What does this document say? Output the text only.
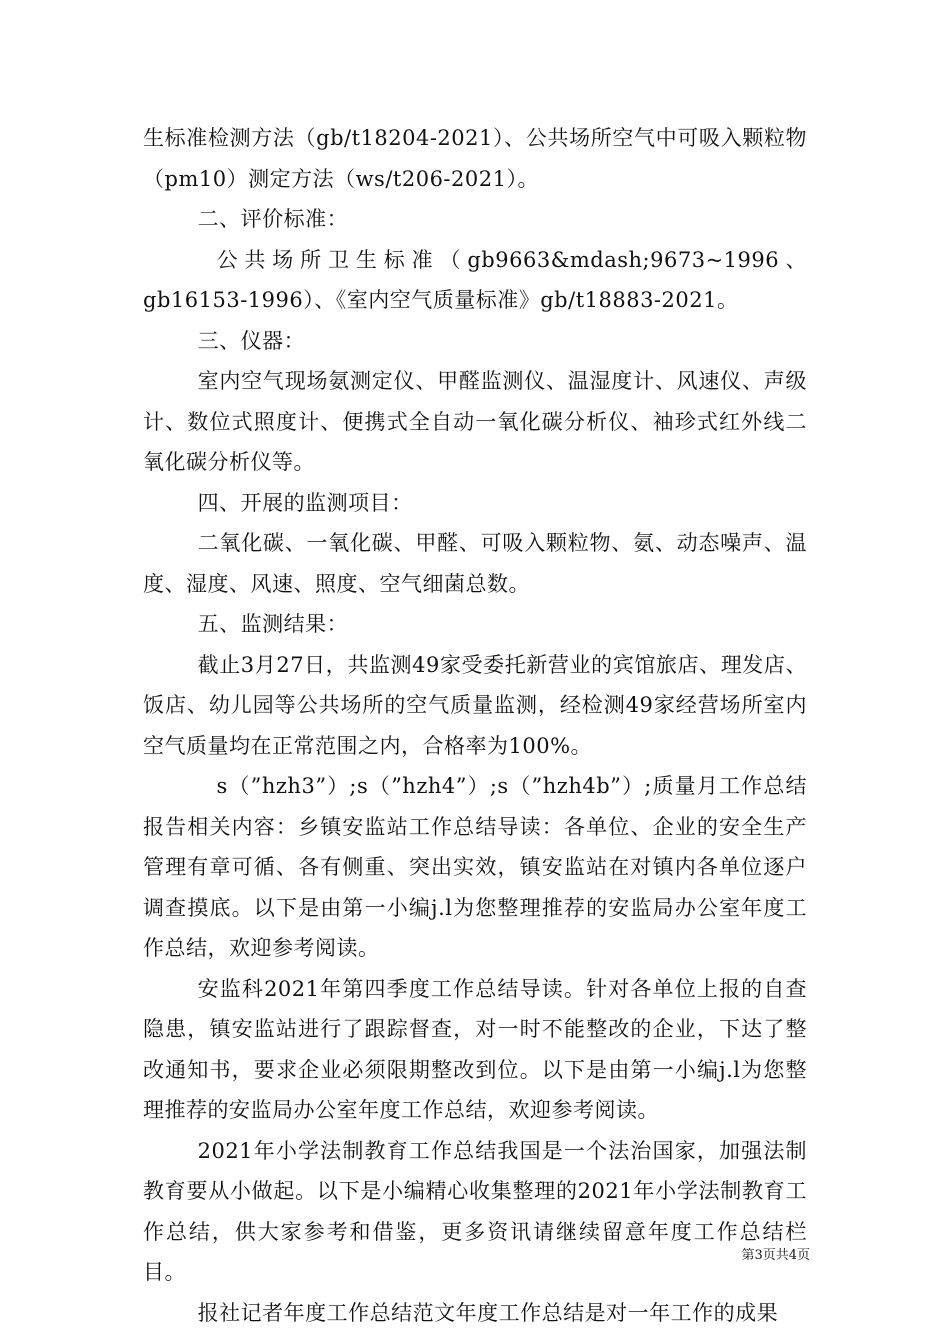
生标准检测方法（gb/t18204-2021）、公共场所空气中可吸入颗粒物（pm10）测定方法（ws/t206-2021）。

二、评价标准：

公共场所卫生标准（gb9663&mdash;9673~1996、gb16153-1996）、《室内空气质量标准》gb/t18883-2021。

三、仪器：

室内空气现场氨测定仪、甲醛监测仪、温湿度计、风速仪、声级计、数位式照度计、便携式全自动一氧化碳分析仪、袖珍式红外线二氧化碳分析仪等。

四、开展的监测项目：

二氧化碳、一氧化碳、甲醛、可吸入颗粒物、氨、动态噪声、温度、湿度、风速、照度、空气细菌总数。

五、监测结果：

截止3月27日，共监测49家受委托新营业的宾馆旅店、理发店、饭店、幼儿园等公共场所的空气质量监测，经检测49家经营场所室内空气质量均在正常范围之内，合格率为100%。

s（”hzh3”）;s（”hzh4”）;s（”hzh4b”）;质量月工作总结报告相关内容：乡镇安监站工作总结导读：各单位、企业的安全生产管理有章可循、各有侧重、突出实效，镇安监站在对镇内各单位逐户调查摸底。以下是由第一小编j.l为您整理推荐的安监局办公室年度工作总结，欢迎参考阅读。

安监科2021年第四季度工作总结导读。针对各单位上报的自查隐患，镇安监站进行了跟踪督查，对一时不能整改的企业，下达了整改通知书，要求企业必须限期整改到位。以下是由第一小编j.l为您整理推荐的安监局办公室年度工作总结，欢迎参考阅读。

2021年小学法制教育工作总结我国是一个法治国家，加强法制教育要从小做起。以下是小编精心收集整理的2021年小学法制教育工作总结，供大家参考和借鉴，更多资讯请继续留意年度工作总结栏目。

报社记者年度工作总结范文年度工作总结是对一年工作的成果

第3页共4页
